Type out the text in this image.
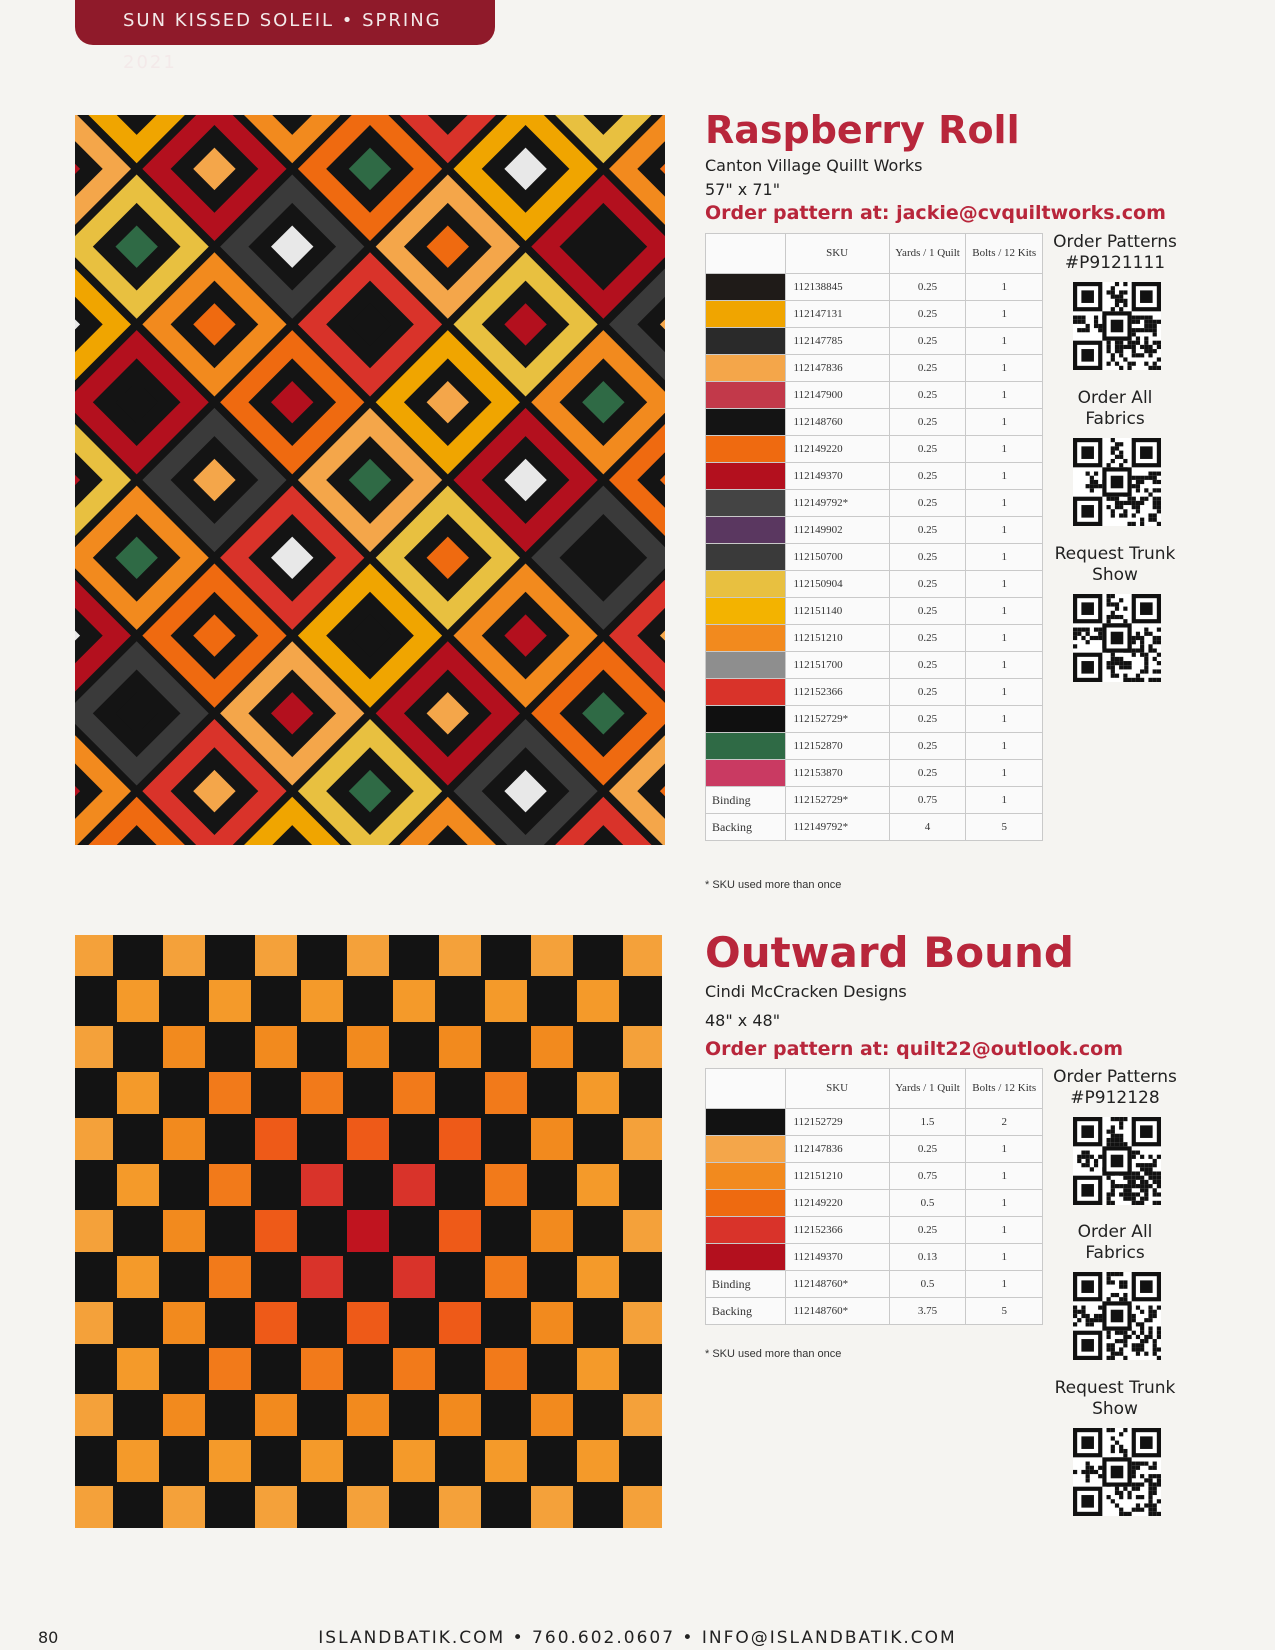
SUN KISSED SOLEIL • SPRING 2021
Raspberry Roll
Canton Village Quillt Works
57" x 71"
Order pattern at: jackie@cvquiltworks.com
	SKU	Yards / 1 Quilt	Bolts / 12 Kits
	112138845	0.25	1
	112147131	0.25	1
	112147785	0.25	1
	112147836	0.25	1
	112147900	0.25	1
	112148760	0.25	1
	112149220	0.25	1
	112149370	0.25	1
	112149792*	0.25	1
	112149902	0.25	1
	112150700	0.25	1
	112150904	0.25	1
	112151140	0.25	1
	112151210	0.25	1
	112151700	0.25	1
	112152366	0.25	1
	112152729*	0.25	1
	112152870	0.25	1
	112153870	0.25	1
Binding	112152729*	0.75	1
Backing	112149792*	4	5
* SKU used more than once
Order Patterns #P9121111
Order All Fabrics
Request Trunk Show
Outward Bound
Cindi McCracken Designs
48" x 48"
Order pattern at: quilt22@outlook.com
	SKU	Yards / 1 Quilt	Bolts / 12 Kits
	112152729	1.5	2
	112147836	0.25	1
	112151210	0.75	1
	112149220	0.5	1
	112152366	0.25	1
	112149370	0.13	1
Binding	112148760*	0.5	1
Backing	112148760*	3.75	5
* SKU used more than once
Order Patterns #P912128
Order All Fabrics
Request Trunk Show
80	ISLANDBATIK.COM • 760.602.0607 • INFO@ISLANDBATIK.COM
